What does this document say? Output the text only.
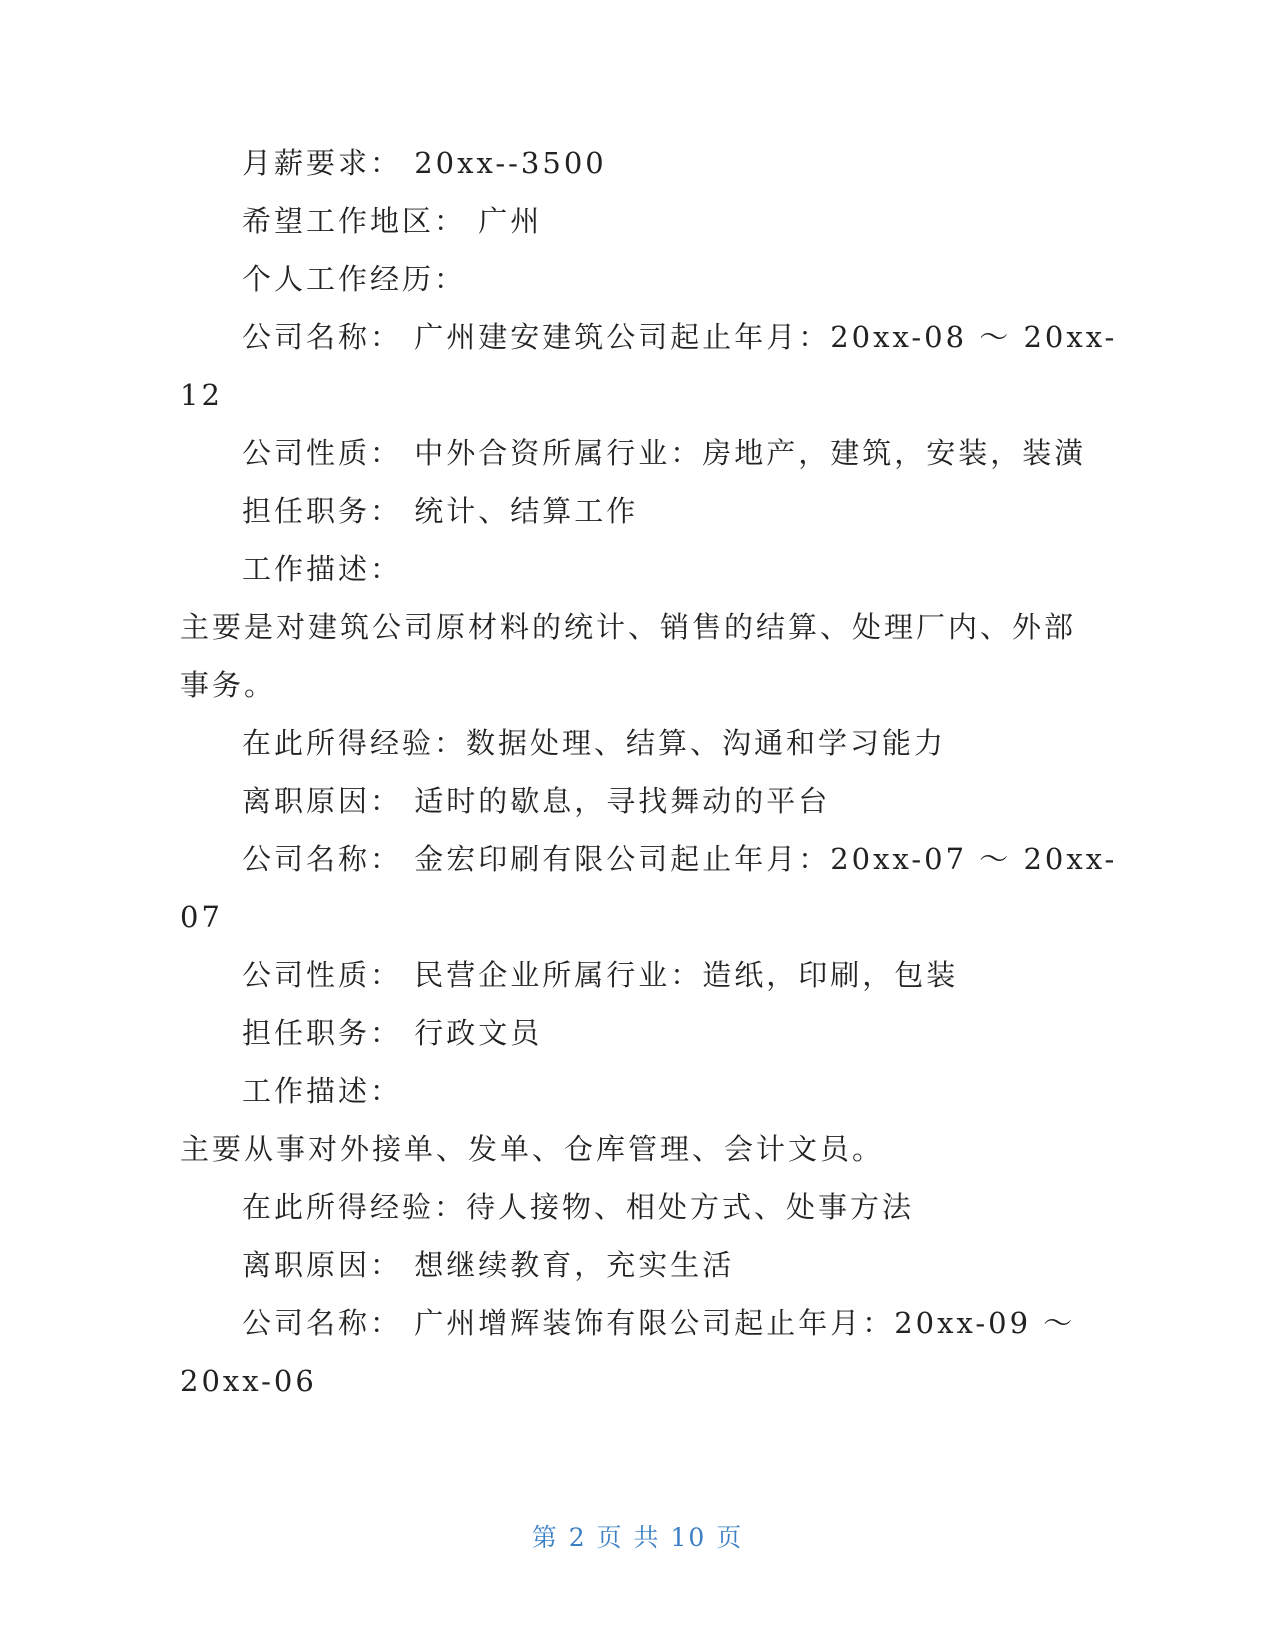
月薪要求： 20xx--3500
希望工作地区： 广州
个人工作经历：
公司名称： 广州建安建筑公司起止年月：20xx-08 ～ 20xx-
12
公司性质： 中外合资所属行业：房地产，建筑，安装，装潢
担任职务： 统计、结算工作
工作描述：
主要是对建筑公司原材料的统计、销售的结算、处理厂内、外部
事务。
在此所得经验：数据处理、结算、沟通和学习能力
离职原因： 适时的歇息，寻找舞动的平台
公司名称： 金宏印刷有限公司起止年月：20xx-07 ～ 20xx-
07
公司性质： 民营企业所属行业：造纸，印刷，包装
担任职务： 行政文员
工作描述：
主要从事对外接单、发单、仓库管理、会计文员。
在此所得经验：待人接物、相处方式、处事方法
离职原因： 想继续教育，充实生活
公司名称： 广州增辉装饰有限公司起止年月：20xx-09 ～
20xx-06
第 2 页 共 10 页
